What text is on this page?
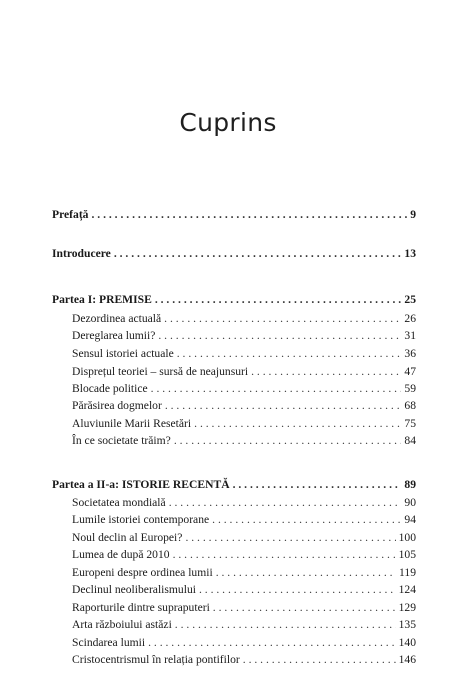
Cuprins
Prefață . . .	9
Introducere . . .	13
Partea I: PREMISE . . .	25
Dezordinea actuală . . .	26
Dereglarea lumii? . . .	31
Sensul istoriei actuale . . .	36
Disprețul teoriei – sursă de neajunsuri . . .	47
Blocade politice . . .	59
Părăsirea dogmelor . . .	68
Aluviunile Marii Resetări . . .	75
În ce societate trăim? . . .	84
Partea a II-a: ISTORIE RECENTĂ . . .	89
Societatea mondială . . .	90
Lumile istoriei contemporane . . .	94
Noul declin al Europei? . . .	100
Lumea de după 2010 . . .	105
Europeni despre ordinea lumii . . .	119
Declinul neoliberalismului . . .	124
Raporturile dintre supraputeri . . .	129
Arta războiului astăzi . . .	135
Scindarea lumii . . .	140
Cristocentrismul în relația pontifilor . . .	146
